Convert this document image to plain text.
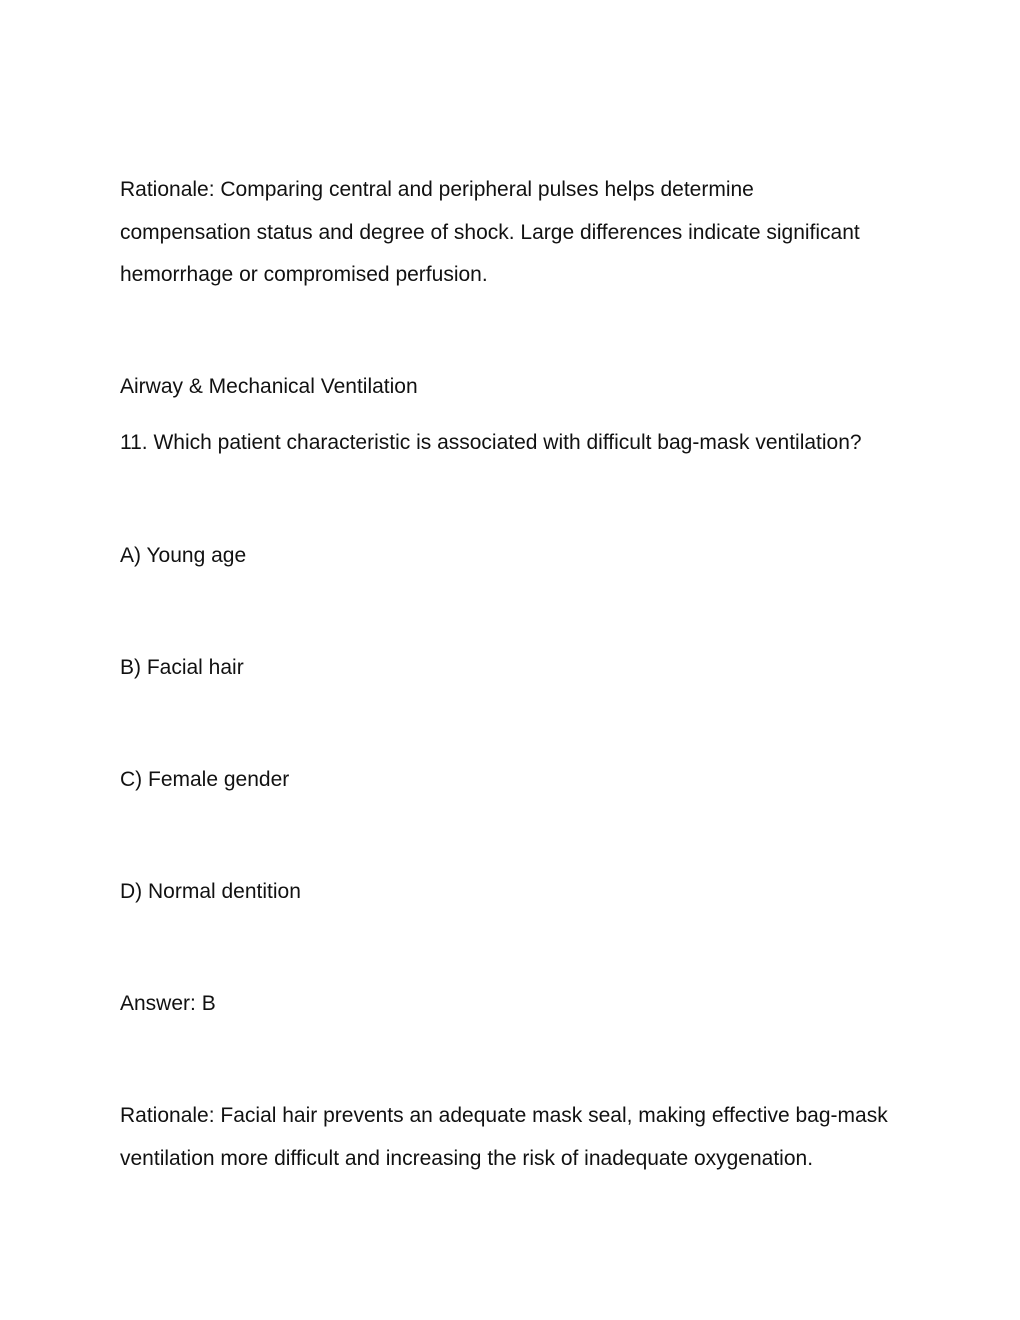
Rationale: Comparing central and peripheral pulses helps determine
compensation status and degree of shock. Large differences indicate significant
hemorrhage or compromised perfusion.
Airway & Mechanical Ventilation
11. Which patient characteristic is associated with difficult bag-mask ventilation?
A) Young age
B) Facial hair
C) Female gender
D) Normal dentition
Answer: B
Rationale: Facial hair prevents an adequate mask seal, making effective bag-mask
ventilation more difficult and increasing the risk of inadequate oxygenation.
